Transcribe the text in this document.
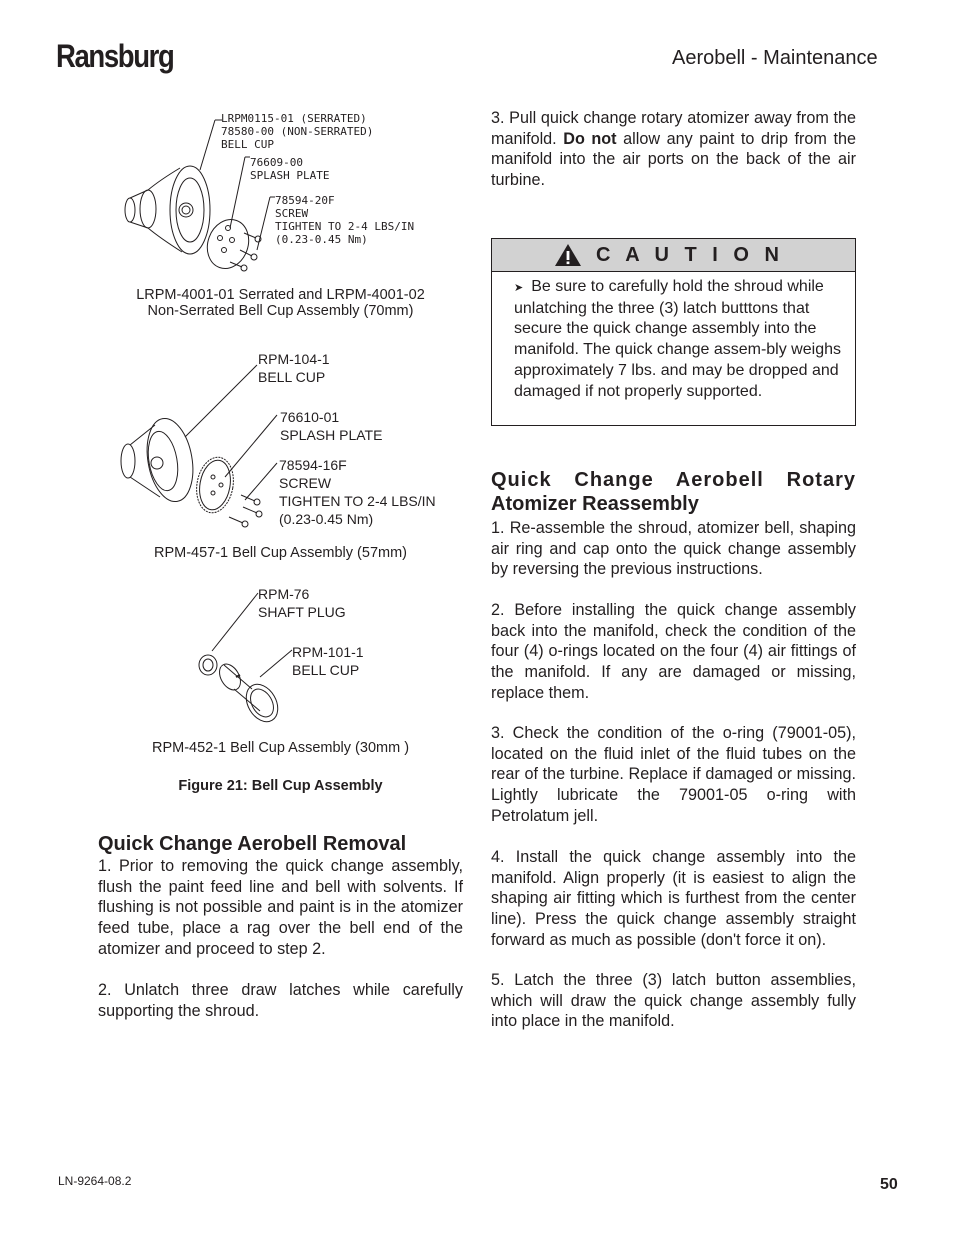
Ransburg	Aerobell - Maintenance
LRPM0115-01 (SERRATED)
78580-00 (NON-SERRATED)
BELL CUP
76609-00
SPLASH PLATE
78594-20F
SCREW
TIGHTEN TO 2-4 LBS/IN
(0.23-0.45 Nm)
LRPM-4001-01 Serrated and LRPM-4001-02
Non-Serrated Bell Cup Assembly (70mm)
RPM-104-1
BELL CUP
76610-01
SPLASH PLATE
78594-16F
SCREW
TIGHTEN TO 2-4 LBS/IN
(0.23-0.45 Nm)
RPM-457-1 Bell Cup Assembly (57mm)
RPM-76
SHAFT PLUG
RPM-101-1
BELL CUP
RPM-452-1 Bell Cup Assembly (30mm )
Figure 21: Bell Cup Assembly
Quick Change Aerobell Removal

1. Prior to removing the quick change assembly, flush the paint feed line and bell with solvents. If flushing is not possible and paint is in the atomizer feed tube, place a rag over the bell end of the atomizer and proceed to step 2.

2. Unlatch three draw latches while carefully supporting the shroud.

3. Pull quick change rotary atomizer away from the manifold. Do not allow any paint to drip from the manifold into the air ports on the back of the air turbine.

C A U T I O N
➤ Be sure to carefully hold the shroud while unlatching the three (3) latch butttons that secure the quick change assembly into the manifold. The quick change assem-bly weighs approximately 7 lbs. and may be dropped and damaged if not properly supported.
Quick Change Aerobell Rotary
Atomizer Reassembly

1. Re-assemble the shroud, atomizer bell, shaping air ring and cap onto the quick change assembly by reversing the previous instructions.

2. Before installing the quick change assembly back into the manifold, check the condition of the four (4) o-rings located on the four (4) air fittings of the manifold. If any are damaged or missing, replace them.

3. Check the condition of the o-ring (79001-05), located on the fluid inlet of the fluid tubes on the rear of the turbine. Replace if damaged or missing. Lightly lubricate the 79001-05 o-ring with Petrolatum jell.

4. Install the quick change assembly into the manifold. Align properly (it is easiest to align the shaping air fitting which is furthest from the center line). Press the quick change assembly straight forward as much as possible (don't force it on).

5. Latch the three (3) latch button assemblies, which will draw the quick change assembly fully into place in the manifold.

LN-9264-08.2	50
